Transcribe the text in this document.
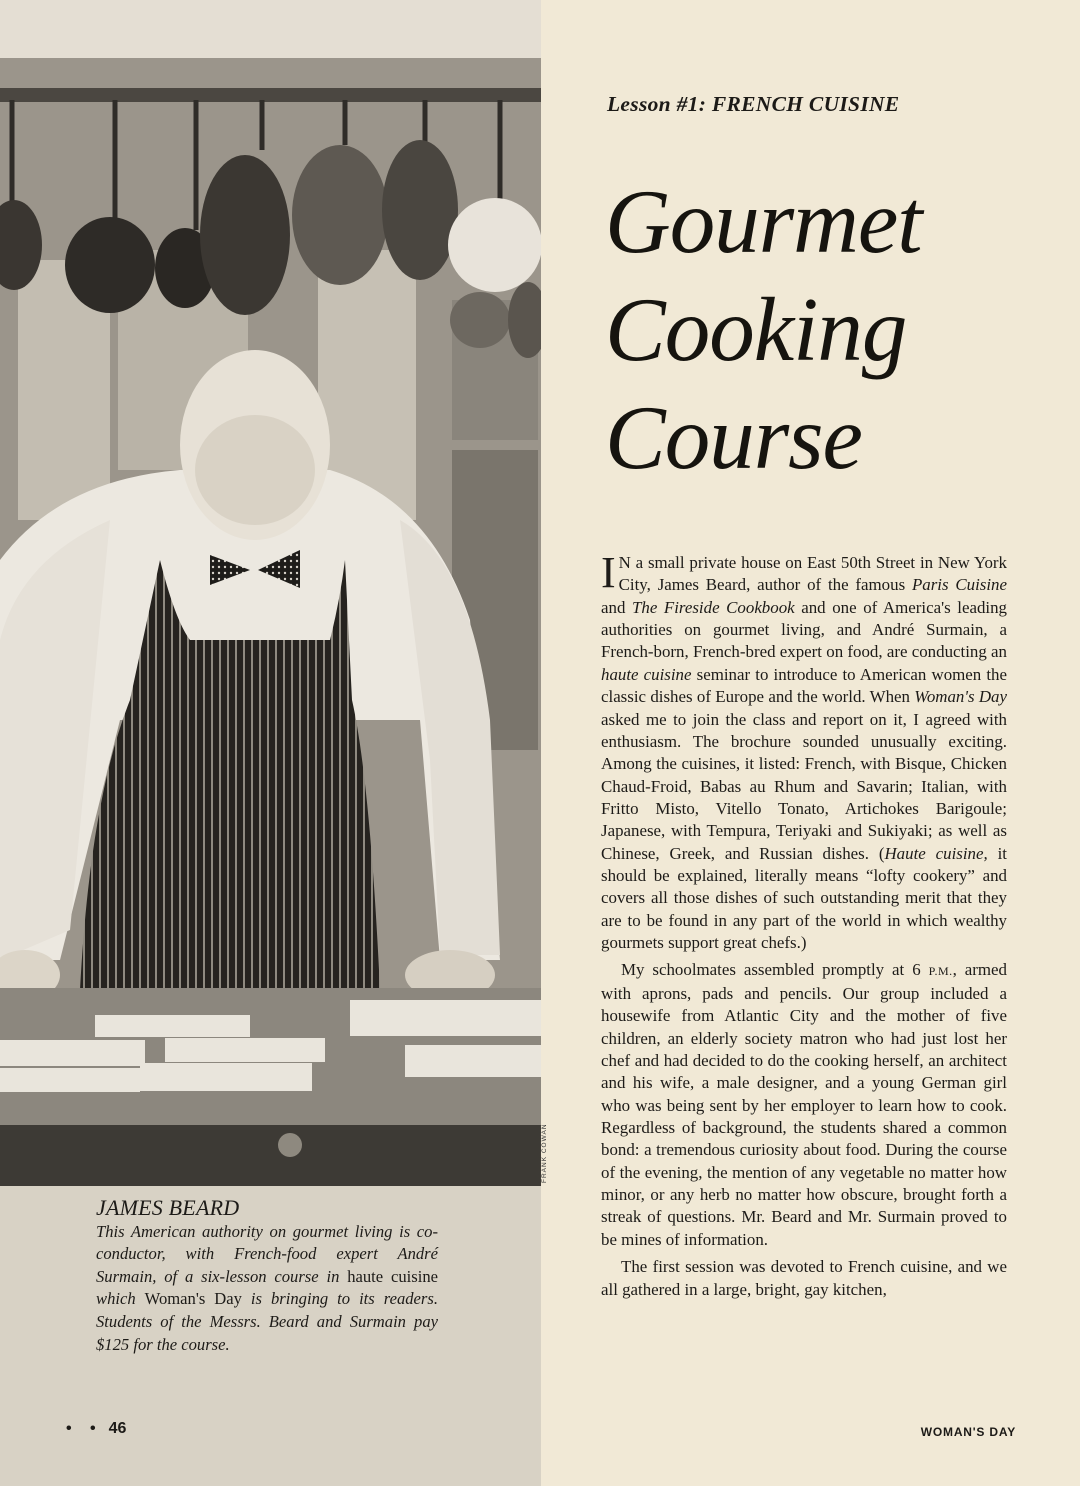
JAMES BEARD
This American authority on gourmet living is co-conductor, with French-food expert André Surmain, of a six-lesson course in haute cuisine which Woman's Day is bringing to its readers. Students of the Messrs. Beard and Surmain pay $125 for the course.
• • 46
FRANK COWAN
Lesson #1: FRENCH CUISINE
Gourmet
Cooking
Course

I N a small private house on East 50th Street in New York City, James Beard, author of the famous Paris Cuisine and The Fireside Cookbook and one of America's leading authorities on gourmet living, and André Surmain, a French-born, French-bred expert on food, are conducting an haute cuisine seminar to introduce to American women the classic dishes of Europe and the world. When Woman's Day asked me to join the class and report on it, I agreed with enthusiasm. The brochure sounded unusually exciting. Among the cuisines, it listed: French, with Bisque, Chicken Chaud-Froid, Babas au Rhum and Savarin; Italian, with Fritto Misto, Vitello Tonato, Artichokes Barigoule; Japanese, with Tempura, Teriyaki and Sukiyaki; as well as Chinese, Greek, and Russian dishes. (Haute cuisine, it should be explained, literally means “lofty cookery” and covers all those dishes of such outstanding merit that they are to be found in any part of the world in which wealthy gourmets support great chefs.)

My schoolmates assembled promptly at 6 P.M., armed with aprons, pads and pencils. Our group included a housewife from Atlantic City and the mother of five children, an elderly society matron who had just lost her chef and had decided to do the cooking herself, an architect and his wife, a male designer, and a young German girl who was being sent by her employer to learn how to cook. Regardless of background, the students shared a common bond: a tremendous curiosity about food. During the course of the evening, the mention of any vegetable no matter how minor, or any herb no matter how obscure, brought forth a streak of questions. Mr. Beard and Mr. Surmain proved to be mines of information.

The first session was devoted to French cuisine, and we all gathered in a large, bright, gay kitchen,

WOMAN'S DAY
